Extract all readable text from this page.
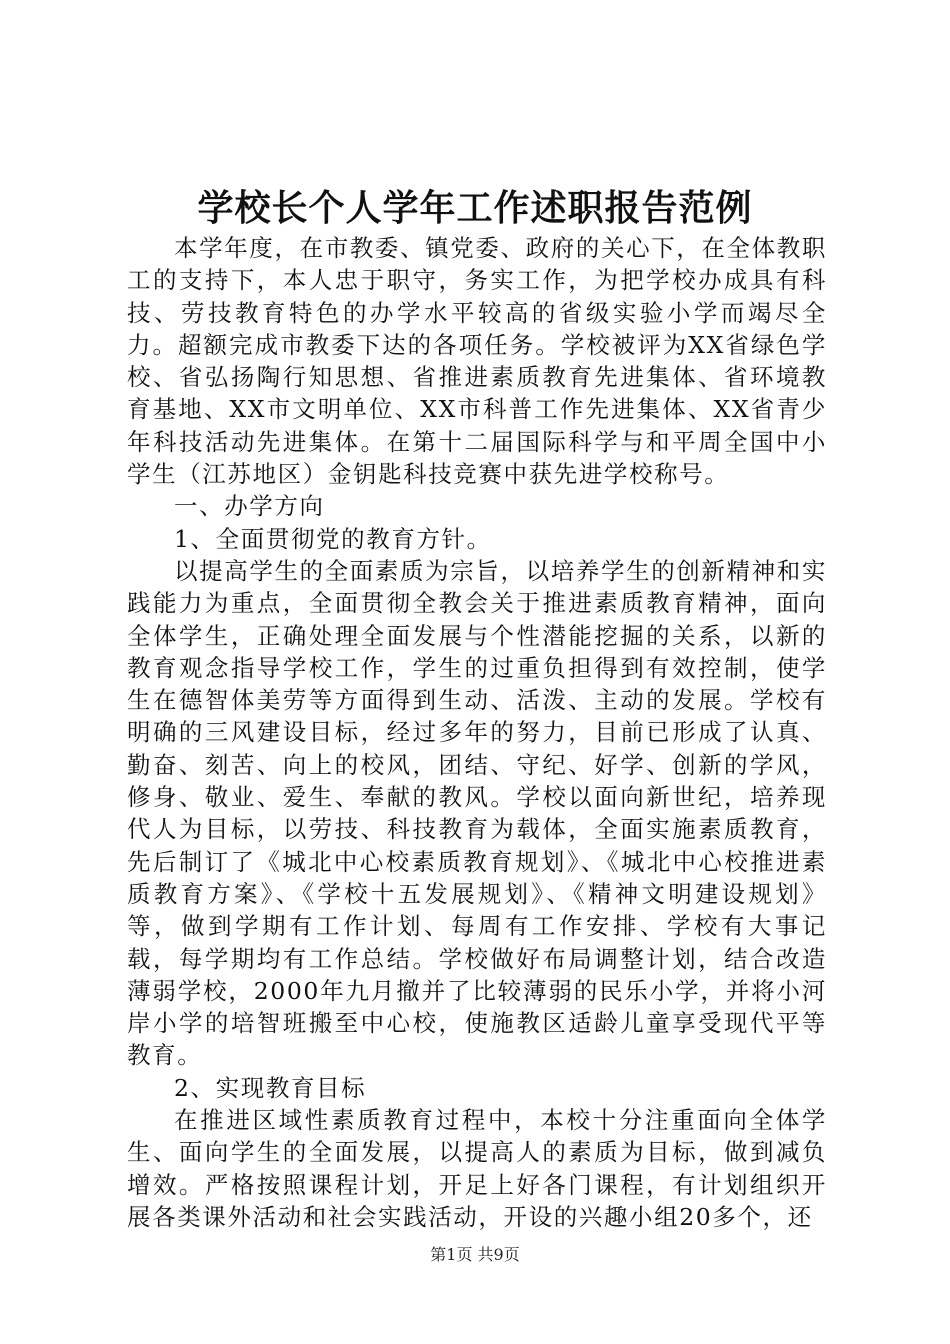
学校长个人学年工作述职报告范例

本学年度，在市教委、镇党委、政府的关心下，在全体教职工的支持下，本人忠于职守，务实工作，为把学校办成具有科技、劳技教育特色的办学水平较高的省级实验小学而竭尽全力。超额完成市教委下达的各项任务。学校被评为XX省绿色学校、省弘扬陶行知思想、省推进素质教育先进集体、省环境教育基地、XX市文明单位、XX市科普工作先进集体、XX省青少年科技活动先进集体。在第十二届国际科学与和平周全国中小学生（江苏地区）金钥匙科技竞赛中获先进学校称号。

一、办学方向

1、全面贯彻党的教育方针。

以提高学生的全面素质为宗旨，以培养学生的创新精神和实践能力为重点，全面贯彻全教会关于推进素质教育精神，面向全体学生，正确处理全面发展与个性潜能挖掘的关系，以新的教育观念指导学校工作，学生的过重负担得到有效控制，使学生在德智体美劳等方面得到生动、活泼、主动的发展。学校有明确的三风建设目标，经过多年的努力，目前已形成了认真、勤奋、刻苦、向上的校风，团结、守纪、好学、创新的学风，修身、敬业、爱生、奉献的教风。学校以面向新世纪，培养现代人为目标，以劳技、科技教育为载体，全面实施素质教育，先后制订了《城北中心校素质教育规划》、《城北中心校推进素质教育方案》、《学校十五发展规划》、《精神文明建设规划》等，做到学期有工作计划、每周有工作安排、学校有大事记载，每学期均有工作总结。学校做好布局调整计划，结合改造薄弱学校，2000年九月撤并了比较薄弱的民乐小学，并将小河岸小学的培智班搬至中心校，使施教区适龄儿童享受现代平等教育。

2、实现教育目标

在推进区域性素质教育过程中，本校十分注重面向全体学生、面向学生的全面发展，以提高人的素质为目标，做到减负增效。严格按照课程计划，开足上好各门课程，有计划组织开展各类课外活动和社会实践活动，开设的兴趣小组20多个，还

第1页 共9页
